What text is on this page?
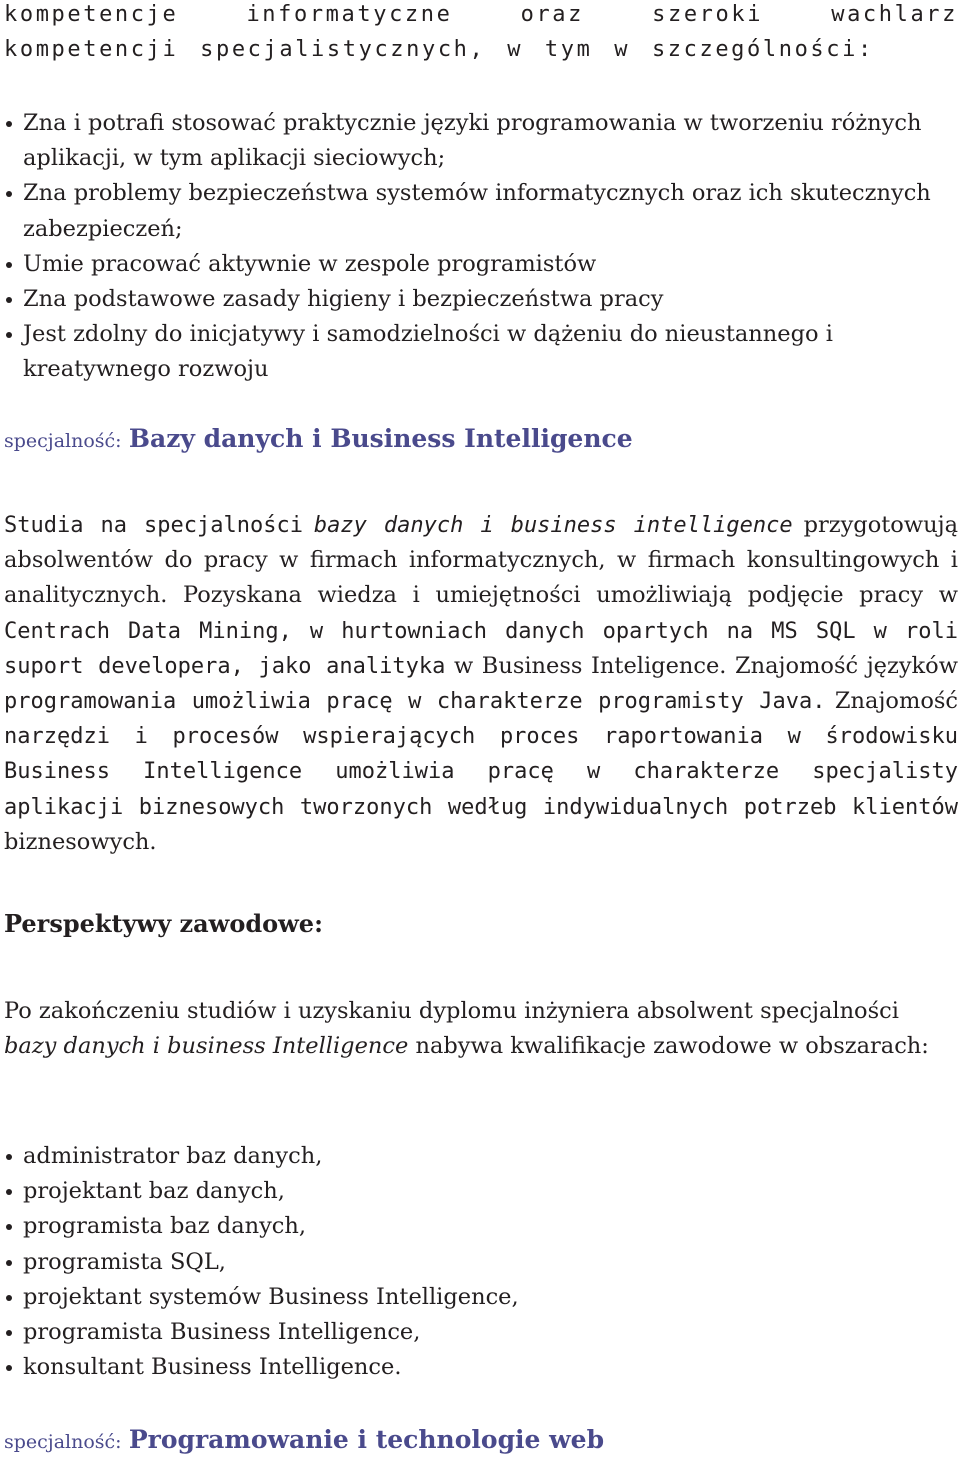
kompetencje informatyczne oraz szeroki wachlarz kompetencji specjalistycznych, w tym w szczególności:

Zna i potrafi stosować praktycznie języki programowania w tworzeniu różnych aplikacji, w tym aplikacji sieciowych;
Zna problemy bezpieczeństwa systemów informatycznych oraz ich skutecznych zabezpieczeń;
Umie pracować aktywnie w zespole programistów
Zna podstawowe zasady higieny i bezpieczeństwa pracy
Jest zdolny do inicjatywy i samodzielności w dążeniu do nieustannego i kreatywnego rozwoju
specjalność: Bazy danych i Business Intelligence

Studia na specjalności bazy danych i business intelligence przygotowują absolwentów do pracy w firmach informatycznych, w firmach konsultingowych i analitycznych. Pozyskana wiedza i umiejętności umożliwiają podjęcie pracy w Centrach Data Mining, w hurtowniach danych opartych na MS SQL w roli suport developera, jako analityka w Business Inteligence. Znajomość języków programowania umożliwia pracę w charakterze programisty Java. Znajomość narzędzi i procesów wspierających proces raportowania w środowisku Business Intelligence umożliwia pracę w charakterze specjalisty aplikacji biznesowych tworzonych według indywidualnych potrzeb klientów biznesowych.

Perspektywy zawodowe:

Po zakończeniu studiów i uzyskaniu dyplomu inżyniera absolwent specjalności bazy danych i business Intelligence nabywa kwalifikacje zawodowe w obszarach:

administrator baz danych,
projektant baz danych,
programista baz danych,
programista SQL,
projektant systemów Business Intelligence,
programista Business Intelligence,
konsultant Business Intelligence.
specjalność: Programowanie i technologie web
